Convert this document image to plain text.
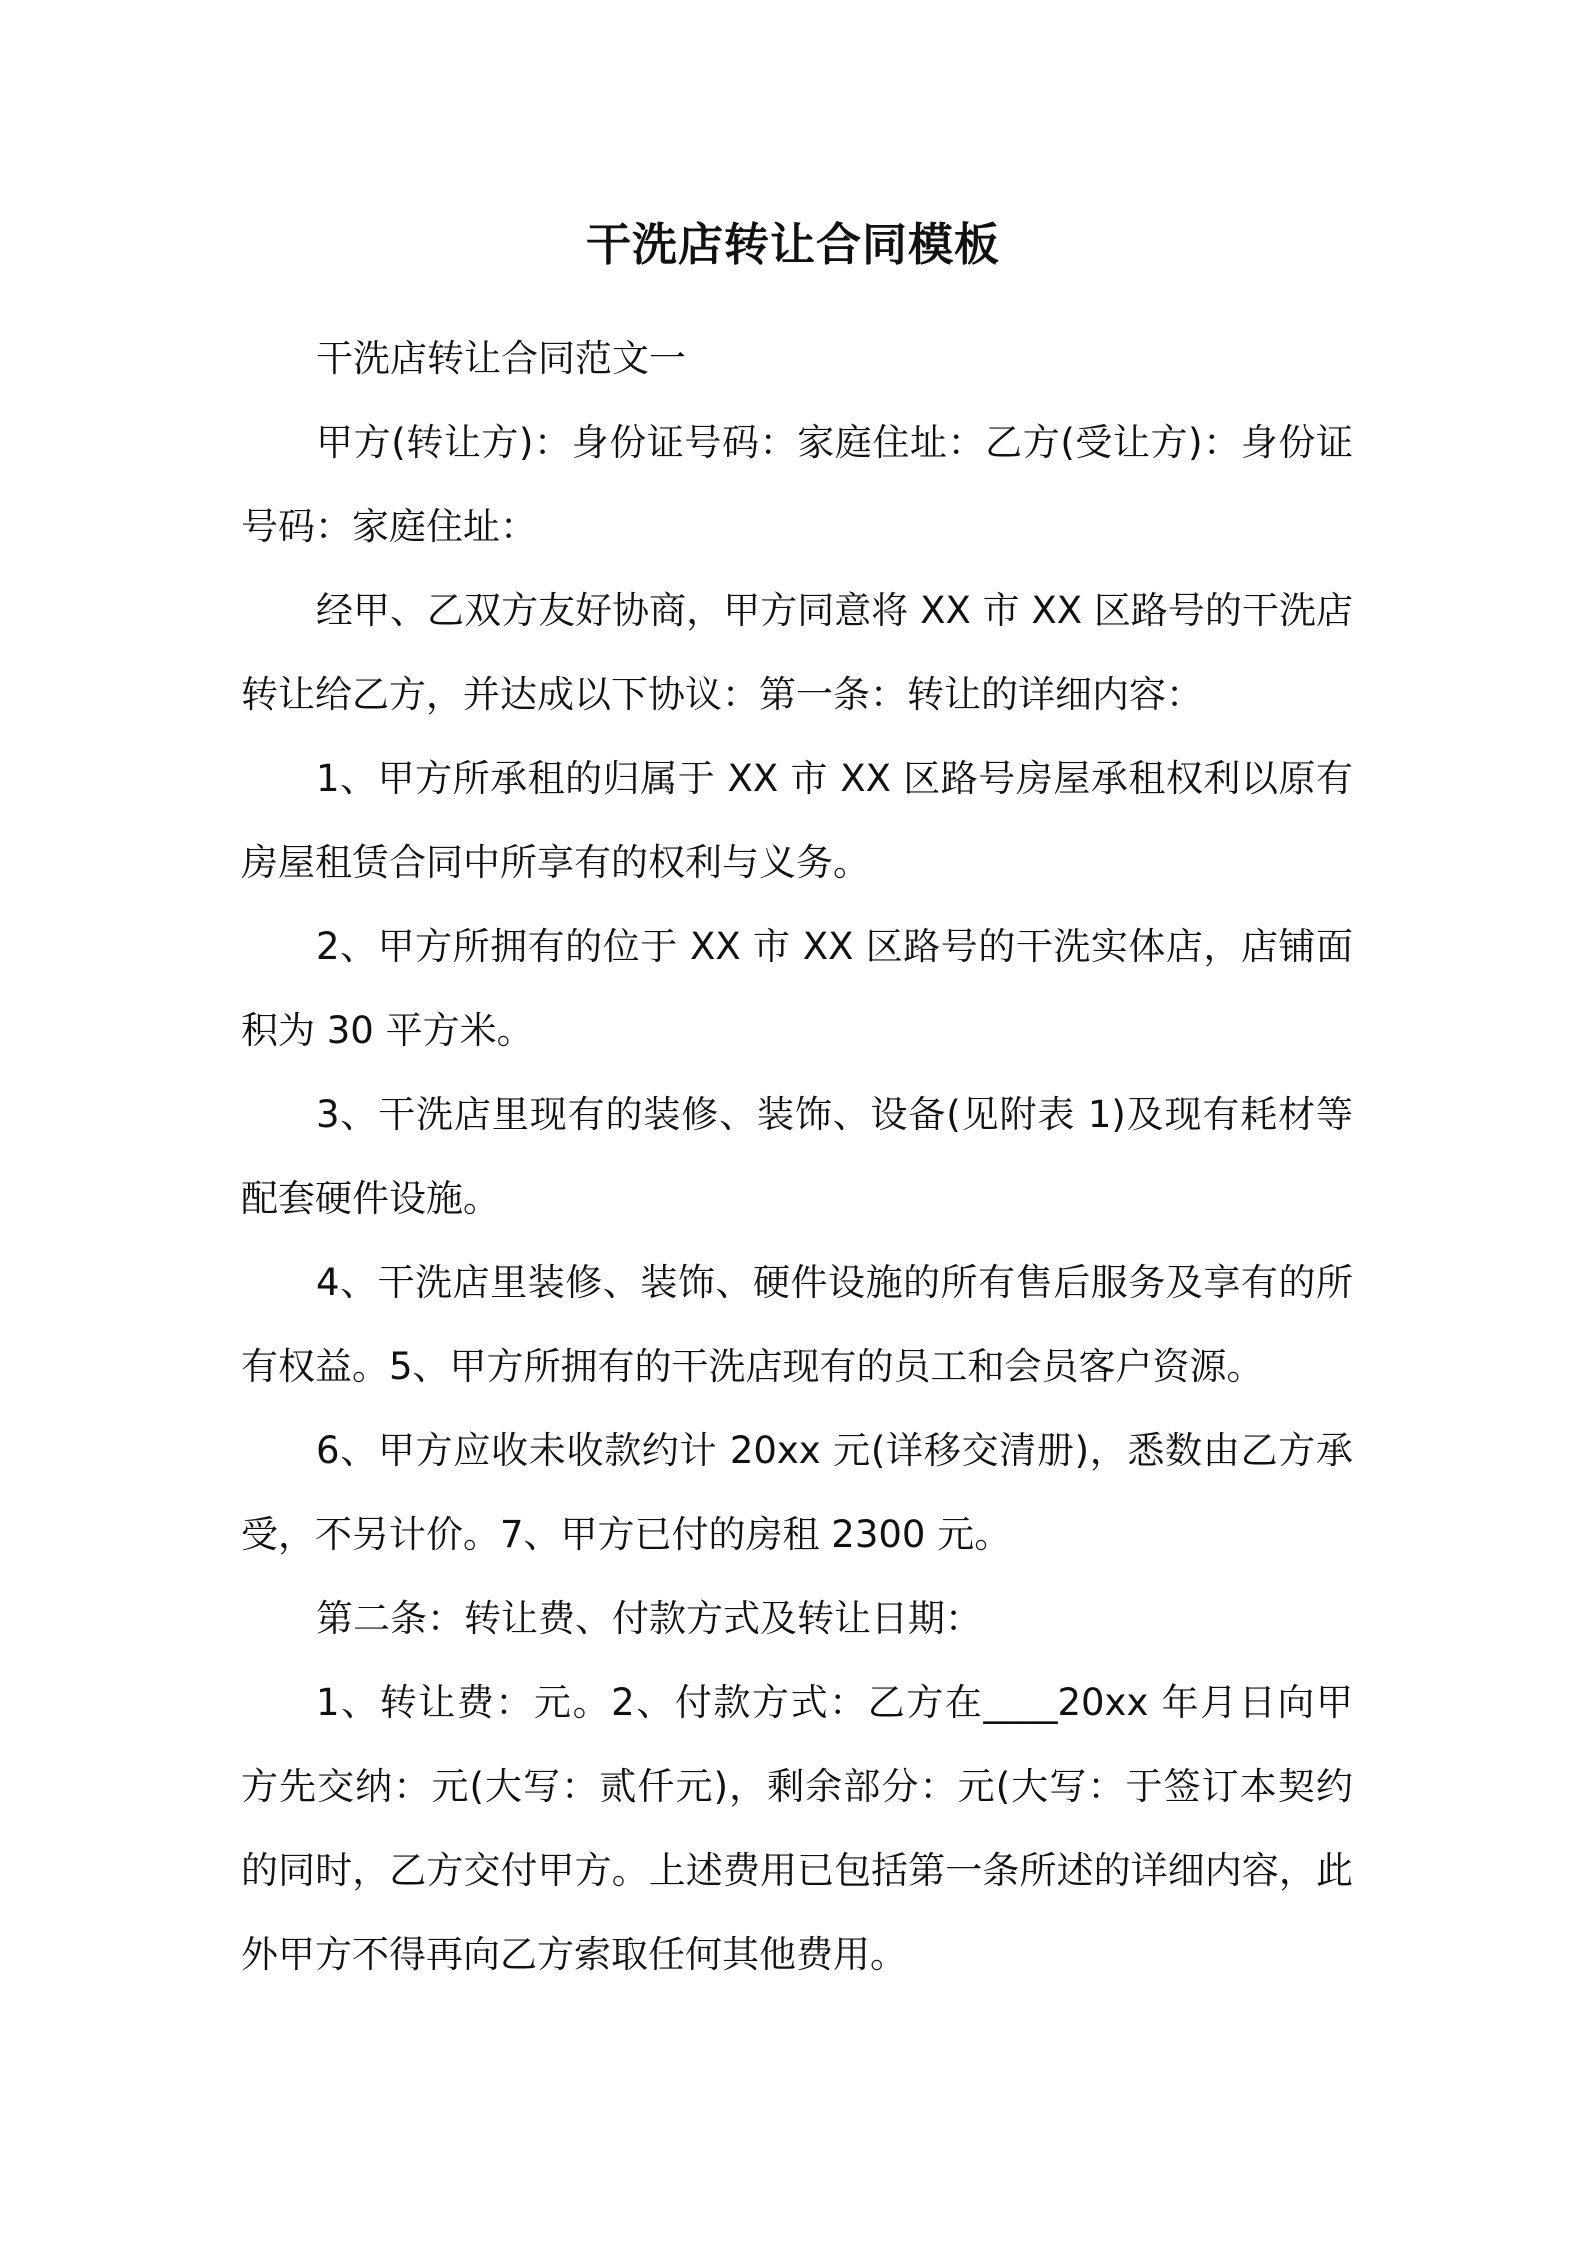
干洗店转让合同模板

干洗店转让合同范文一

甲方(转让方)：身份证号码：家庭住址：乙方(受让方)：身份证号码：家庭住址：

经甲、乙双方友好协商，甲方同意将 XX 市 XX 区路号的干洗店转让给乙方，并达成以下协议：第一条：转让的详细内容：

1、甲方所承租的归属于 XX 市 XX 区路号房屋承租权利以原有房屋租赁合同中所享有的权利与义务。

2、甲方所拥有的位于 XX 市 XX 区路号的干洗实体店，店铺面积为 30 平方米。

3、干洗店里现有的装修、装饰、设备(见附表 1)及现有耗材等配套硬件设施。

4、干洗店里装修、装饰、硬件设施的所有售后服务及享有的所有权益。5、甲方所拥有的干洗店现有的员工和会员客户资源。

6、甲方应收未收款约计 20xx 元(详移交清册)，悉数由乙方承受，不另计价。7、甲方已付的房租 2300 元。

第二条：转让费、付款方式及转让日期：

1、转让费：元。2、付款方式：乙方在____20xx 年月日向甲方先交纳：元(大写：贰仟元)，剩余部分：元(大写：于签订本契约的同时，乙方交付甲方。上述费用已包括第一条所述的详细内容，此外甲方不得再向乙方索取任何其他费用。
